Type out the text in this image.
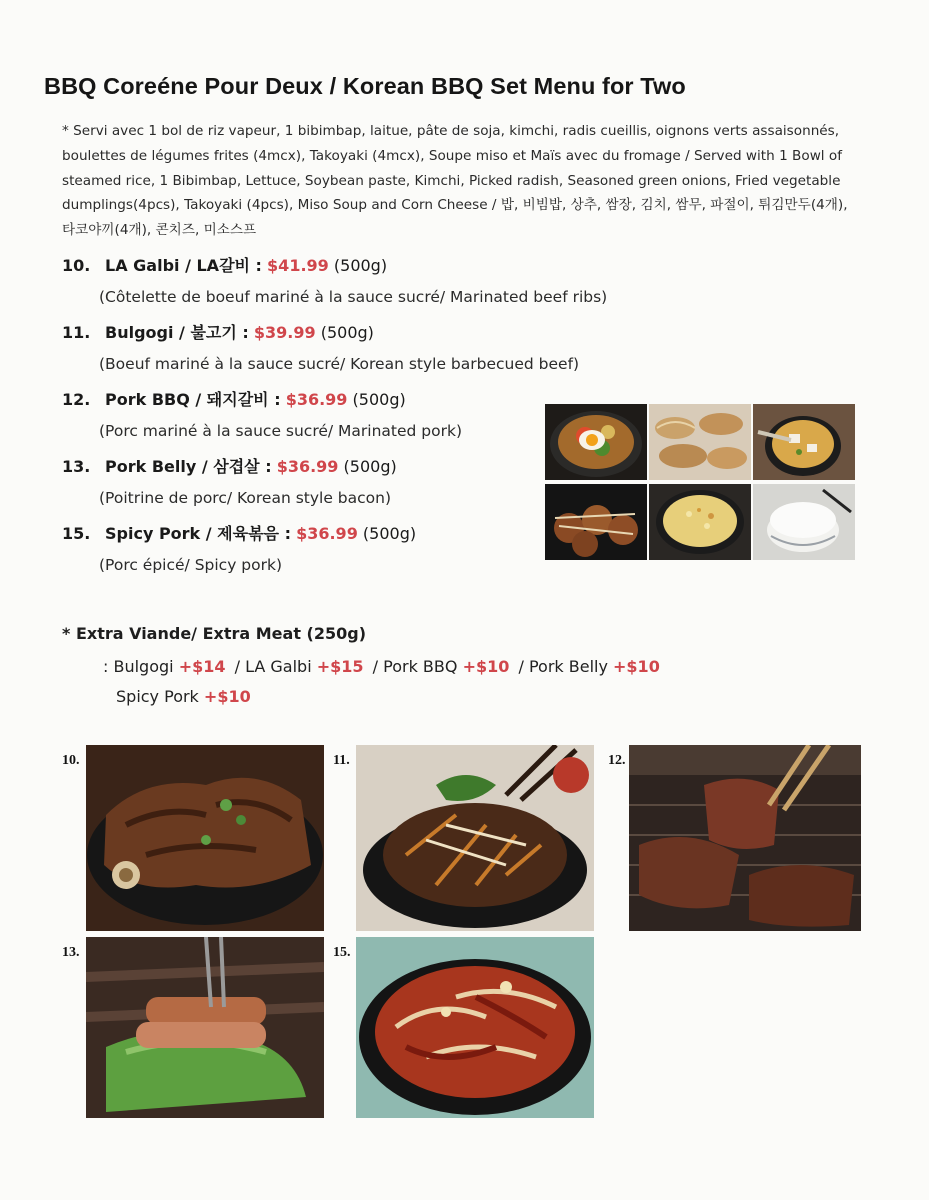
BBQ Coreéne Pour Deux / Korean BBQ Set Menu for Two
* Servi avec 1 bol de riz vapeur, 1 bibimbap, laitue, pâte de soja, kimchi, radis cueillis, oignons verts assaisonnés, boulettes de légumes frites (4mcx), Takoyaki (4mcx), Soupe miso et Maïs avec du fromage / Served with 1 Bowl of steamed rice, 1 Bibimbap, Lettuce, Soybean paste, Kimchi, Picked radish, Seasoned green onions, Fried vegetable dumplings(4pcs), Takoyaki (4pcs), Miso Soup and Corn Cheese / 밥, 비빔밥, 상추, 쌈장, 김치, 쌈무, 파절이, 튀김만두(4개), 타코야끼(4개), 콘치즈, 미소스프
10. LA Galbi / LA갈비 : $41.99 (500g)
(Côtelette de boeuf mariné à la sauce sucré/ Marinated beef ribs)
11. Bulgogi / 불고기 : $39.99 (500g)
(Boeuf mariné à la sauce sucré/ Korean style barbecued beef)
12. Pork BBQ / 돼지갈비 : $36.99 (500g)
(Porc mariné à la sauce sucré/ Marinated pork)
13. Pork Belly / 삼겹살 : $36.99 (500g)
(Poitrine de porc/ Korean style bacon)
15. Spicy Pork / 제육볶음 : $36.99 (500g)
(Porc épicé/ Spicy pork)
* Extra Viande/ Extra Meat (250g)
: Bulgogi +$14 / LA Galbi +$15 / Pork BBQ +$10 / Pork Belly +$10
Spicy Pork +$10
10.	11.	12.
13.	15.
